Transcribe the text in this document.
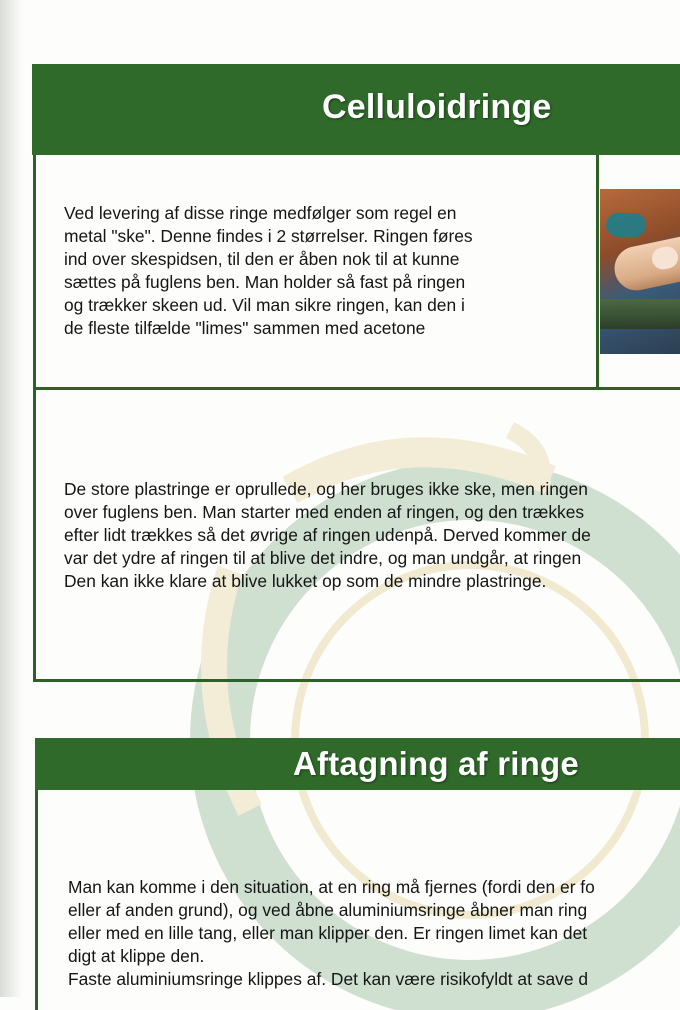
Celluloidringe
Ved levering af disse ringe medfølger som regel en
metal "ske". Denne findes i 2 størrelser. Ringen føres
ind over skespidsen, til den er åben nok til at kunne
sættes på fuglens ben. Man holder så fast på ringen
og trækker skeen ud. Vil man sikre ringen, kan den i
de fleste tilfælde "limes" sammen med acetone
De store plastringe er oprullede, og her bruges ikke ske, men ringen
over fuglens ben. Man starter med enden af ringen, og den trækkes
efter lidt trækkes så det øvrige af ringen udenpå. Derved kommer de
var det ydre af ringen til at blive det indre, og man undgår, at ringen
Den kan ikke klare at blive lukket op som de mindre plastringe.
Aftagning af ringe
Man kan komme i den situation, at en ring må fjernes (fordi den er fo
eller af anden grund), og ved åbne aluminiumsringe åbner man ring
eller med en lille tang, eller man klipper den. Er ringen limet kan det
digt at klippe den.
Faste aluminiumsringe klippes af. Det kan være risikofyldt at save d
